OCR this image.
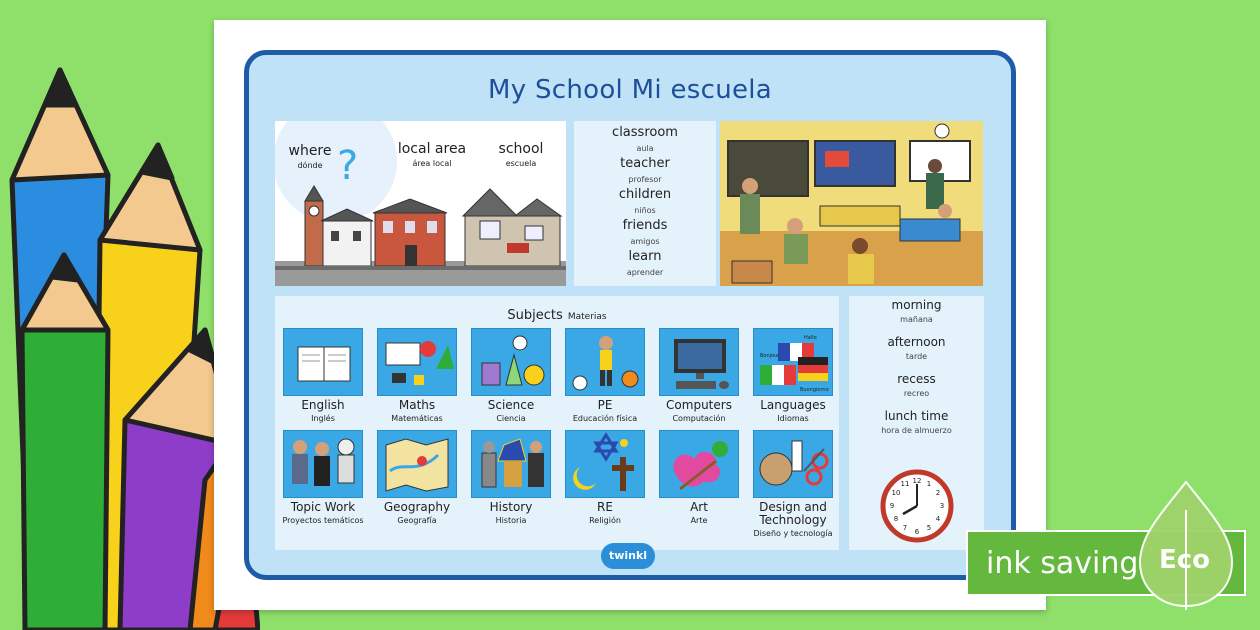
My School Mi escuela
where
dónde ?	local area
área local
school
escuela
classroom
aula
teacher
profesor
children
niños
friends
amigos
learn
aprender
Subjects Materias
English
Inglés
Maths
Matemáticas
Science
Ciencia
PE
Educación física
Computers
Computación
Bonjour
Hallo
Buongiorno
Languages
Idiomas
Topic Work
Proyectos temáticos
Geography
Geografía
History
Historia
RE
Religión
Art
Arte
Design and Technology
Diseño y tecnología
morning
mañana
afternoon
tarde
recess
recreo
lunch time
hora de almuerzo
12 1
2
3
4
5
6
7
8
9
10
11
twinkl	ink saving Eco
